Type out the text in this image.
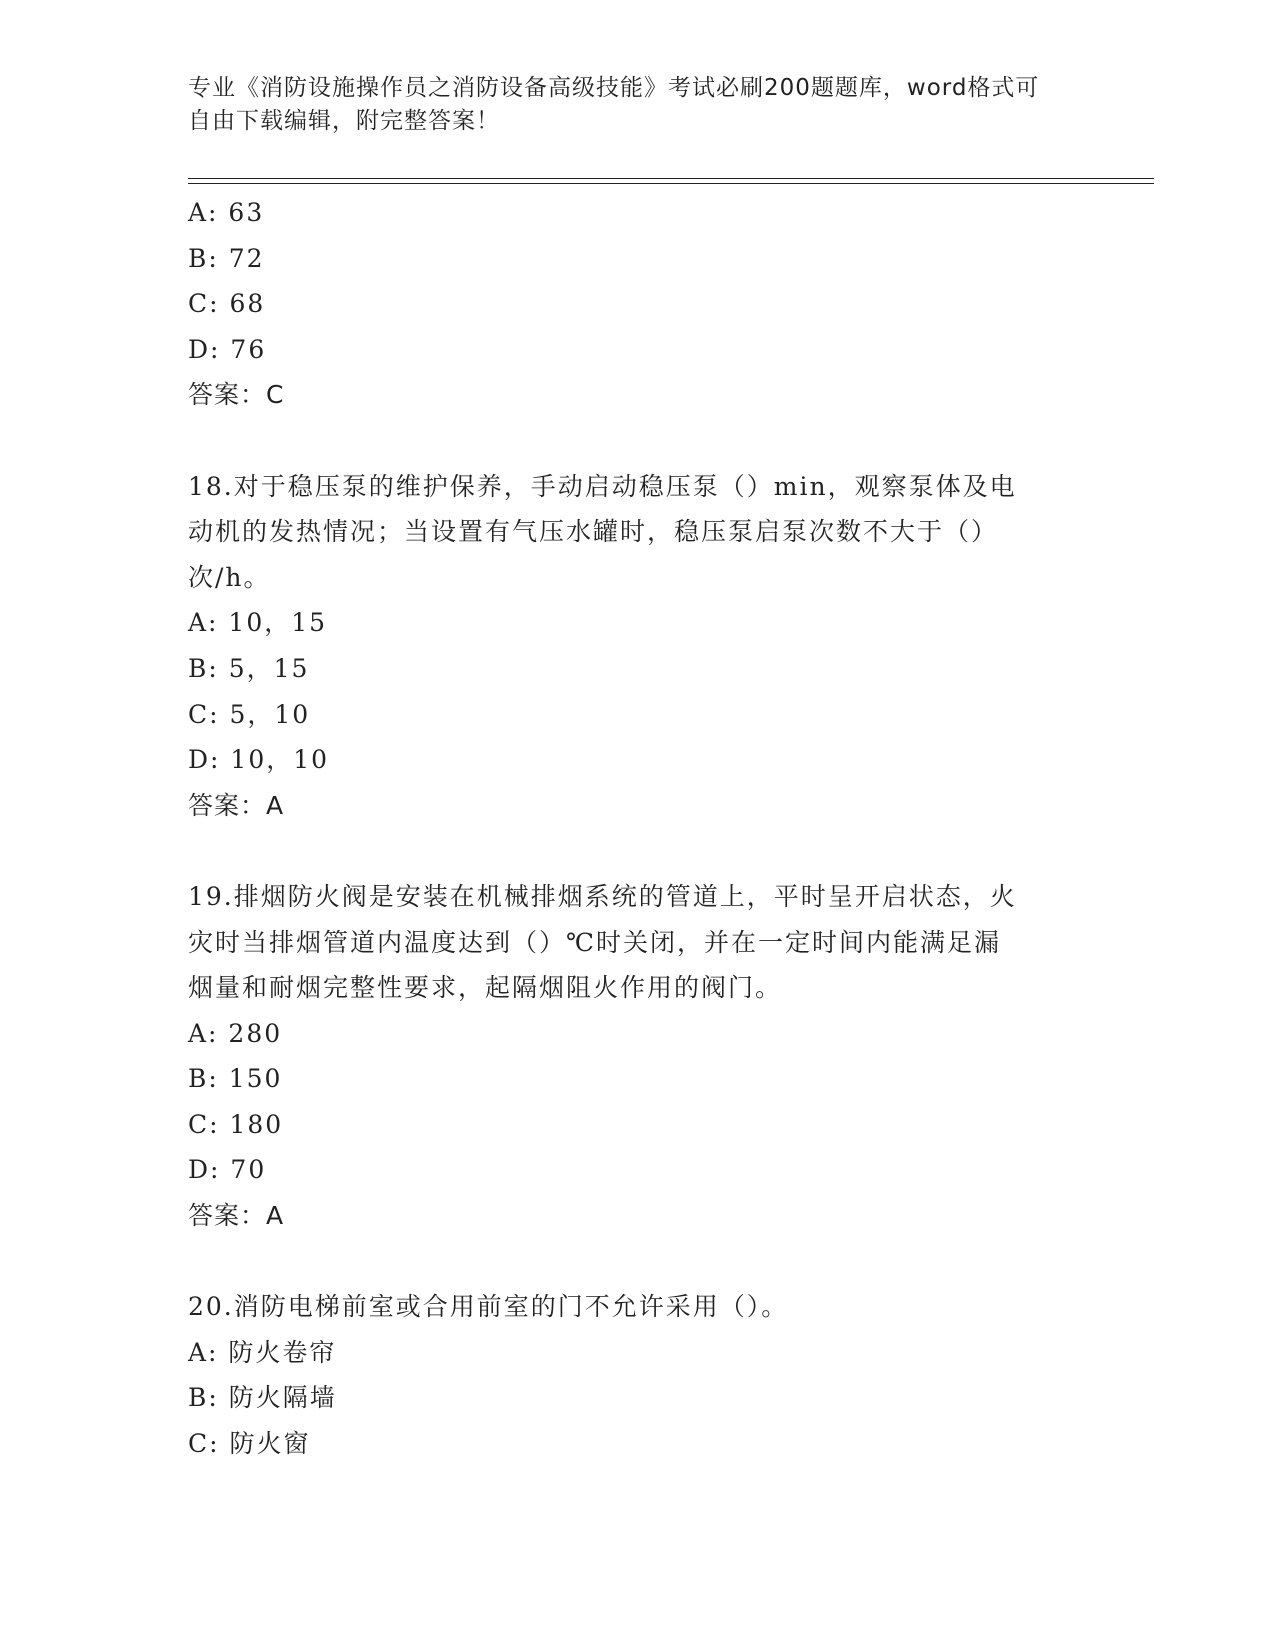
专业《消防设施操作员之消防设备高级技能》考试必刷200题题库，word格式可
自由下载编辑，附完整答案！
A: 63
B: 72
C: 68
D: 76
答案：C
18.对于稳压泵的维护保养，手动启动稳压泵（）min，观察泵体及电
动机的发热情况；当设置有气压水罐时，稳压泵启泵次数不大于（）
次/h。
A: 10，15
B: 5，15
C: 5，10
D: 10，10
答案：A
19.排烟防火阀是安装在机械排烟系统的管道上，平时呈开启状态，火
灾时当排烟管道内温度达到（）℃时关闭，并在一定时间内能满足漏
烟量和耐烟完整性要求，起隔烟阻火作用的阀门。
A: 280
B: 150
C: 180
D: 70
答案：A
20.消防电梯前室或合用前室的门不允许采用（）。
A: 防火卷帘
B: 防火隔墙
C: 防火窗
